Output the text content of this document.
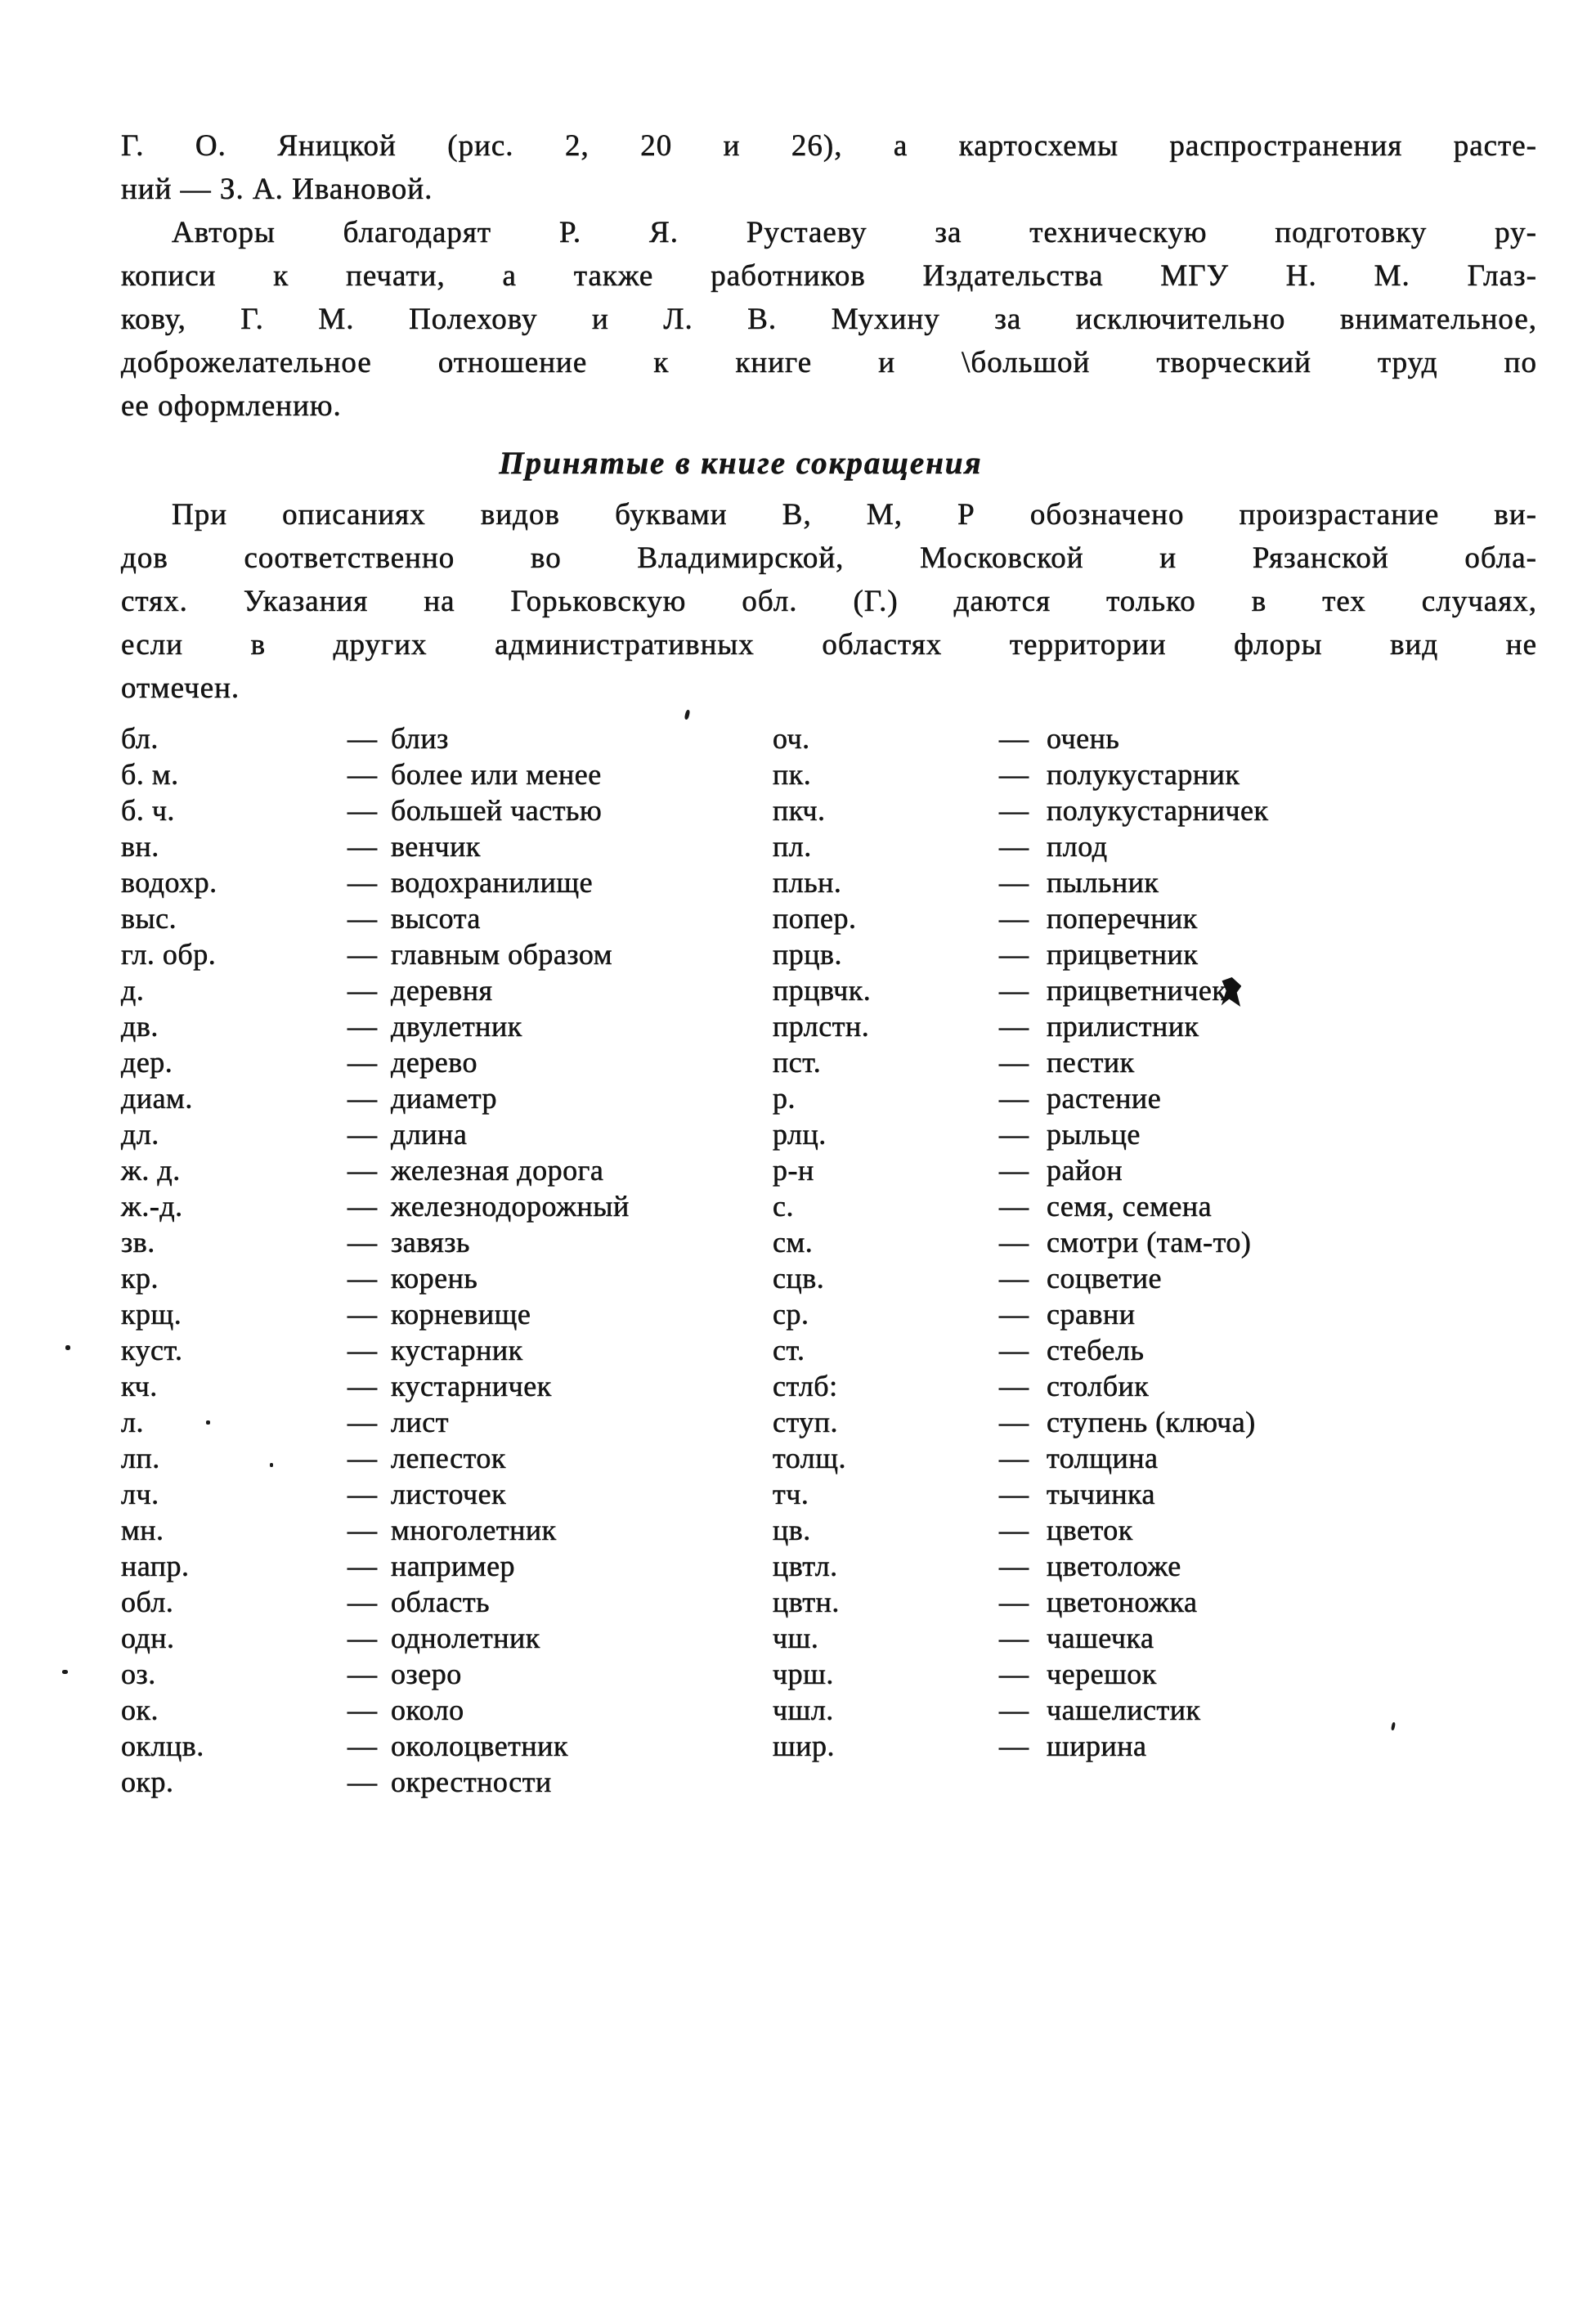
Г. О. Яницкой (рис. 2, 20 и 26), а картосхемы распространения расте-
ний — З. А. Ивановой.
Авторы благодарят Р. Я. Рустаеву за техническую подготовку ру-
кописи к печати, а также работников Издательства МГУ Н. М. Глаз-
кову, Г. М. Полехову и Л. В. Мухину за исключительно внимательное,
доброжелательное отношение к книге и \большой творческий труд по
ее оформлению.
Принятые в книге сокращения
При описаниях видов буквами В, М, Р обозначено произрастание ви-
дов соответственно во Владимирской, Московской и Рязанской обла-
стях. Указания на Горьковскую обл. (Г.) даются только в тех случаях,
если в других административных областях территории флоры вид не
отмечен.
бл.	— близ
б. м.	— более или менее
б. ч.	— большей частью
вн.	— венчик
водохр.	— водохранилище
выс.	— высота
гл. обр.	— главным образом
д.	— деревня
дв.	— двулетник
дер.	— дерево
диам.	— диаметр
дл.	— длина
ж. д.	— железная дорога
ж.-д.	— железнодорожный
зв.	— завязь
кр.	— корень
крщ.	— корневище
куст.	— кустарник
кч.	— кустарничек
л.	— лист
лп.	— лепесток
лч.	— листочек
мн.	— многолетник
напр.	— например
обл.	— область
одн.	— однолетник
оз.	— озеро
ок.	— около
оклцв.	— околоцветник
окр.	— окрестности
оч.	— очень
пк.	— полукустарник
пкч.	— полукустарничек
пл.	— плод
пльн.	— пыльник
попер.	— поперечник
прцв.	— прицветник
прцвчк.	— прицветничек
прлстн.	— прилистник
пст.	— пестик
р.	— растение
рлц.	— рыльце
р-н	— район
с.	— семя, семена
см.	— смотри (там-то)
сцв.	— соцветие
ср.	— сравни
ст.	— стебель
стлб:	— столбик
ступ.	— ступень (ключа)
толщ.	— толщина
тч.	— тычинка
цв.	— цветок
цвтл.	— цветоложе
цвтн.	— цветоножка
чш.	— чашечка
чрш.	— черешок
чшл.	— чашелистик
шир.	— ширина
